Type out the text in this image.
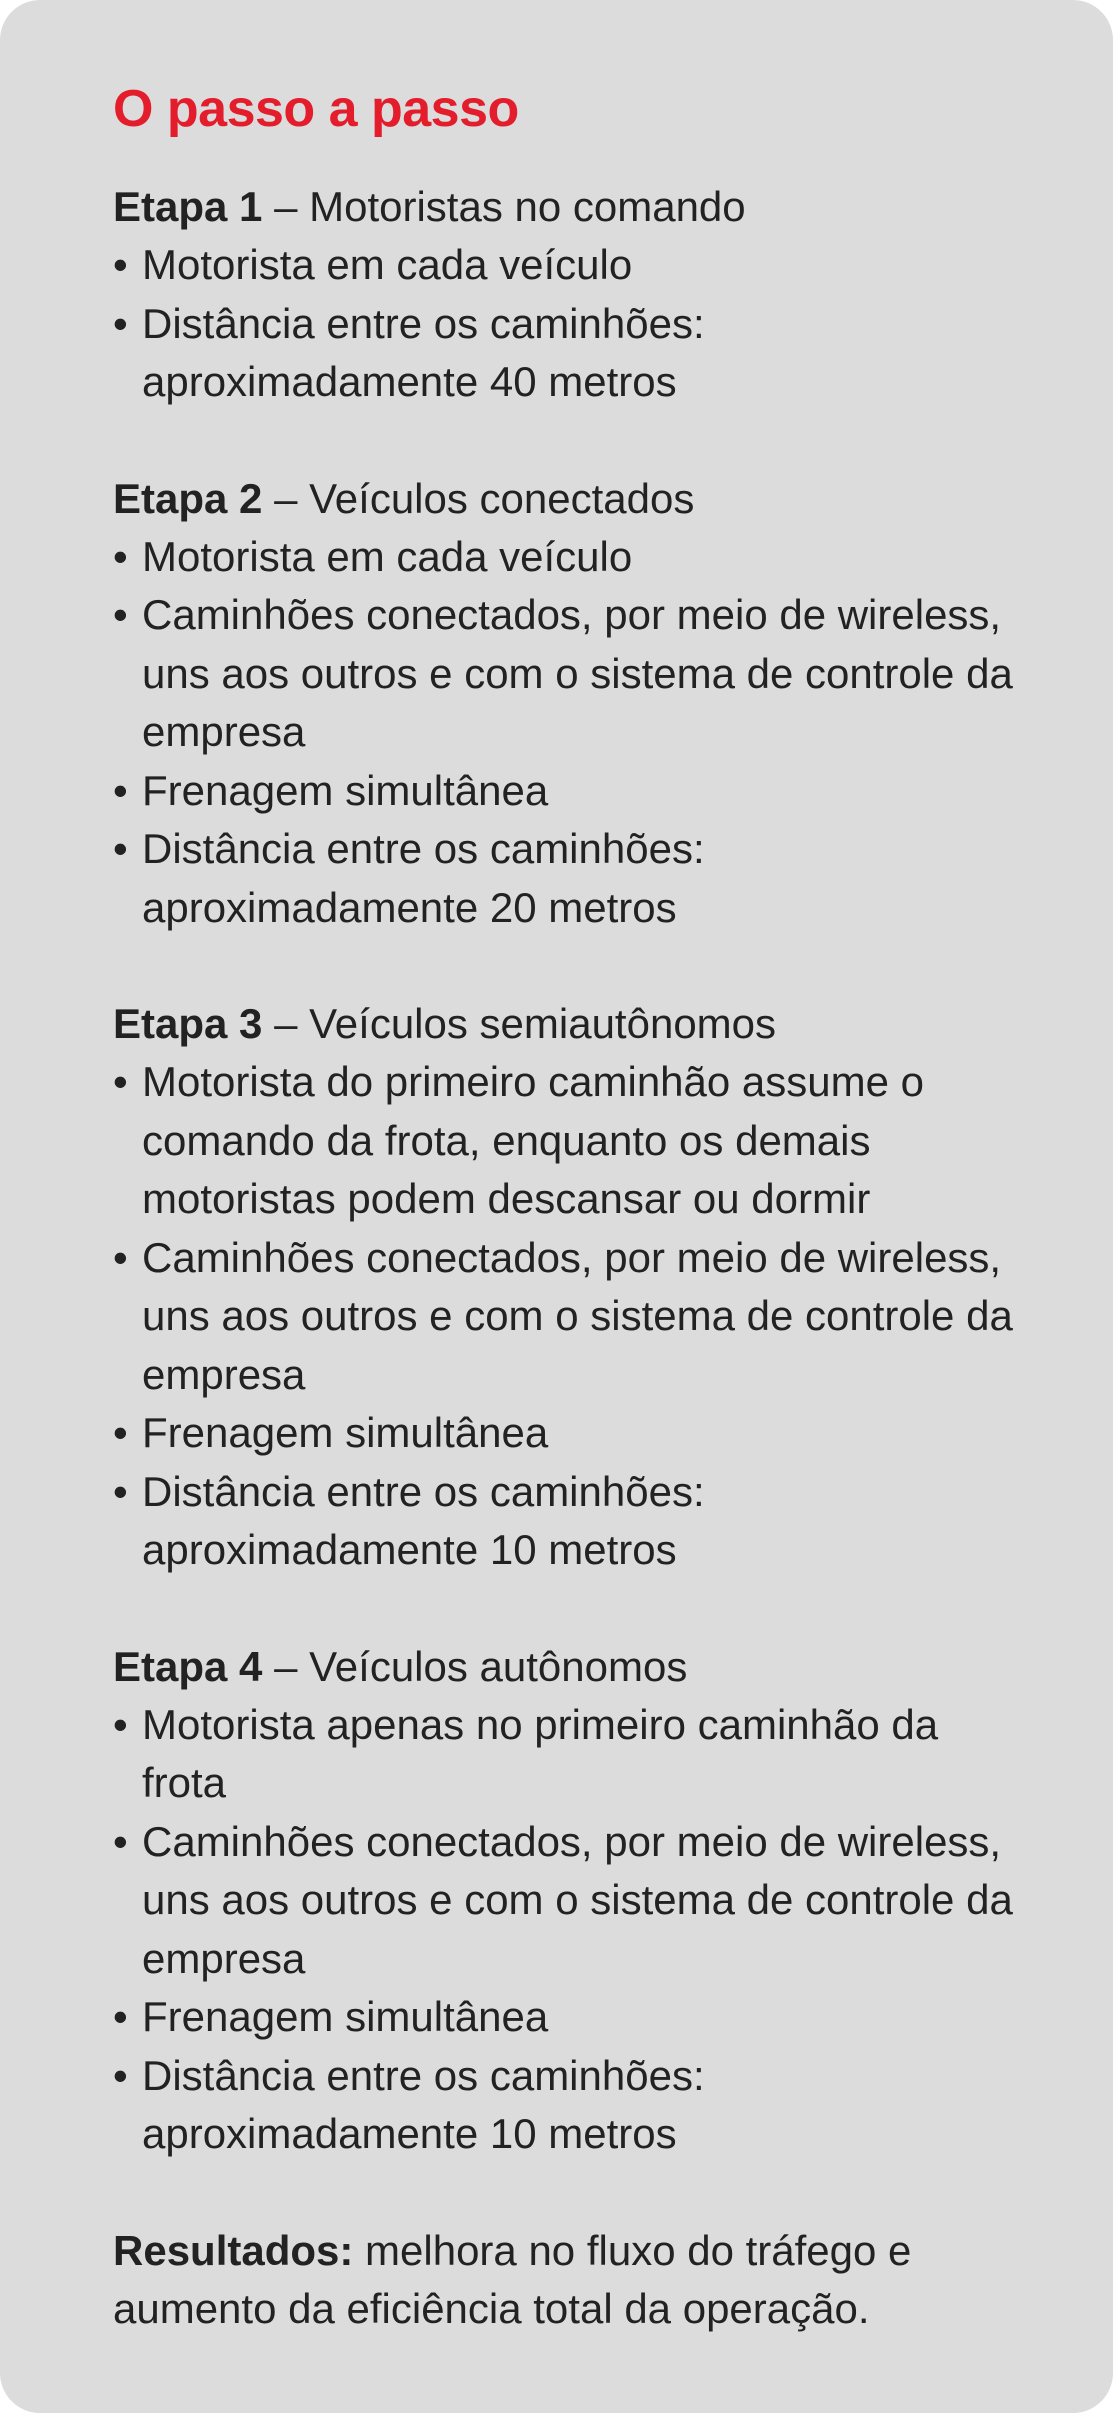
O passo a passo
Etapa 1 – Motoristas no comando
• Motorista em cada veículo
• Distância entre os caminhões: aproximadamente 40 metros
Etapa 2 – Veículos conectados
• Motorista em cada veículo
• Caminhões conectados, por meio de wireless, uns aos outros e com o sistema de controle da empresa
• Frenagem simultânea
• Distância entre os caminhões: aproximadamente 20 metros
Etapa 3 – Veículos semiautônomos
• Motorista do primeiro caminhão assume o comando da frota, enquanto os demais motoristas podem descansar ou dormir
• Caminhões conectados, por meio de wireless, uns aos outros e com o sistema de controle da empresa
• Frenagem simultânea
• Distância entre os caminhões: aproximadamente 10 metros
Etapa 4 – Veículos autônomos
• Motorista apenas no primeiro caminhão da frota
• Caminhões conectados, por meio de wireless, uns aos outros e com o sistema de controle da empresa
• Frenagem simultânea
• Distância entre os caminhões: aproximadamente 10 metros
Resultados: melhora no fluxo do tráfego e aumento da eficiência total da operação.
